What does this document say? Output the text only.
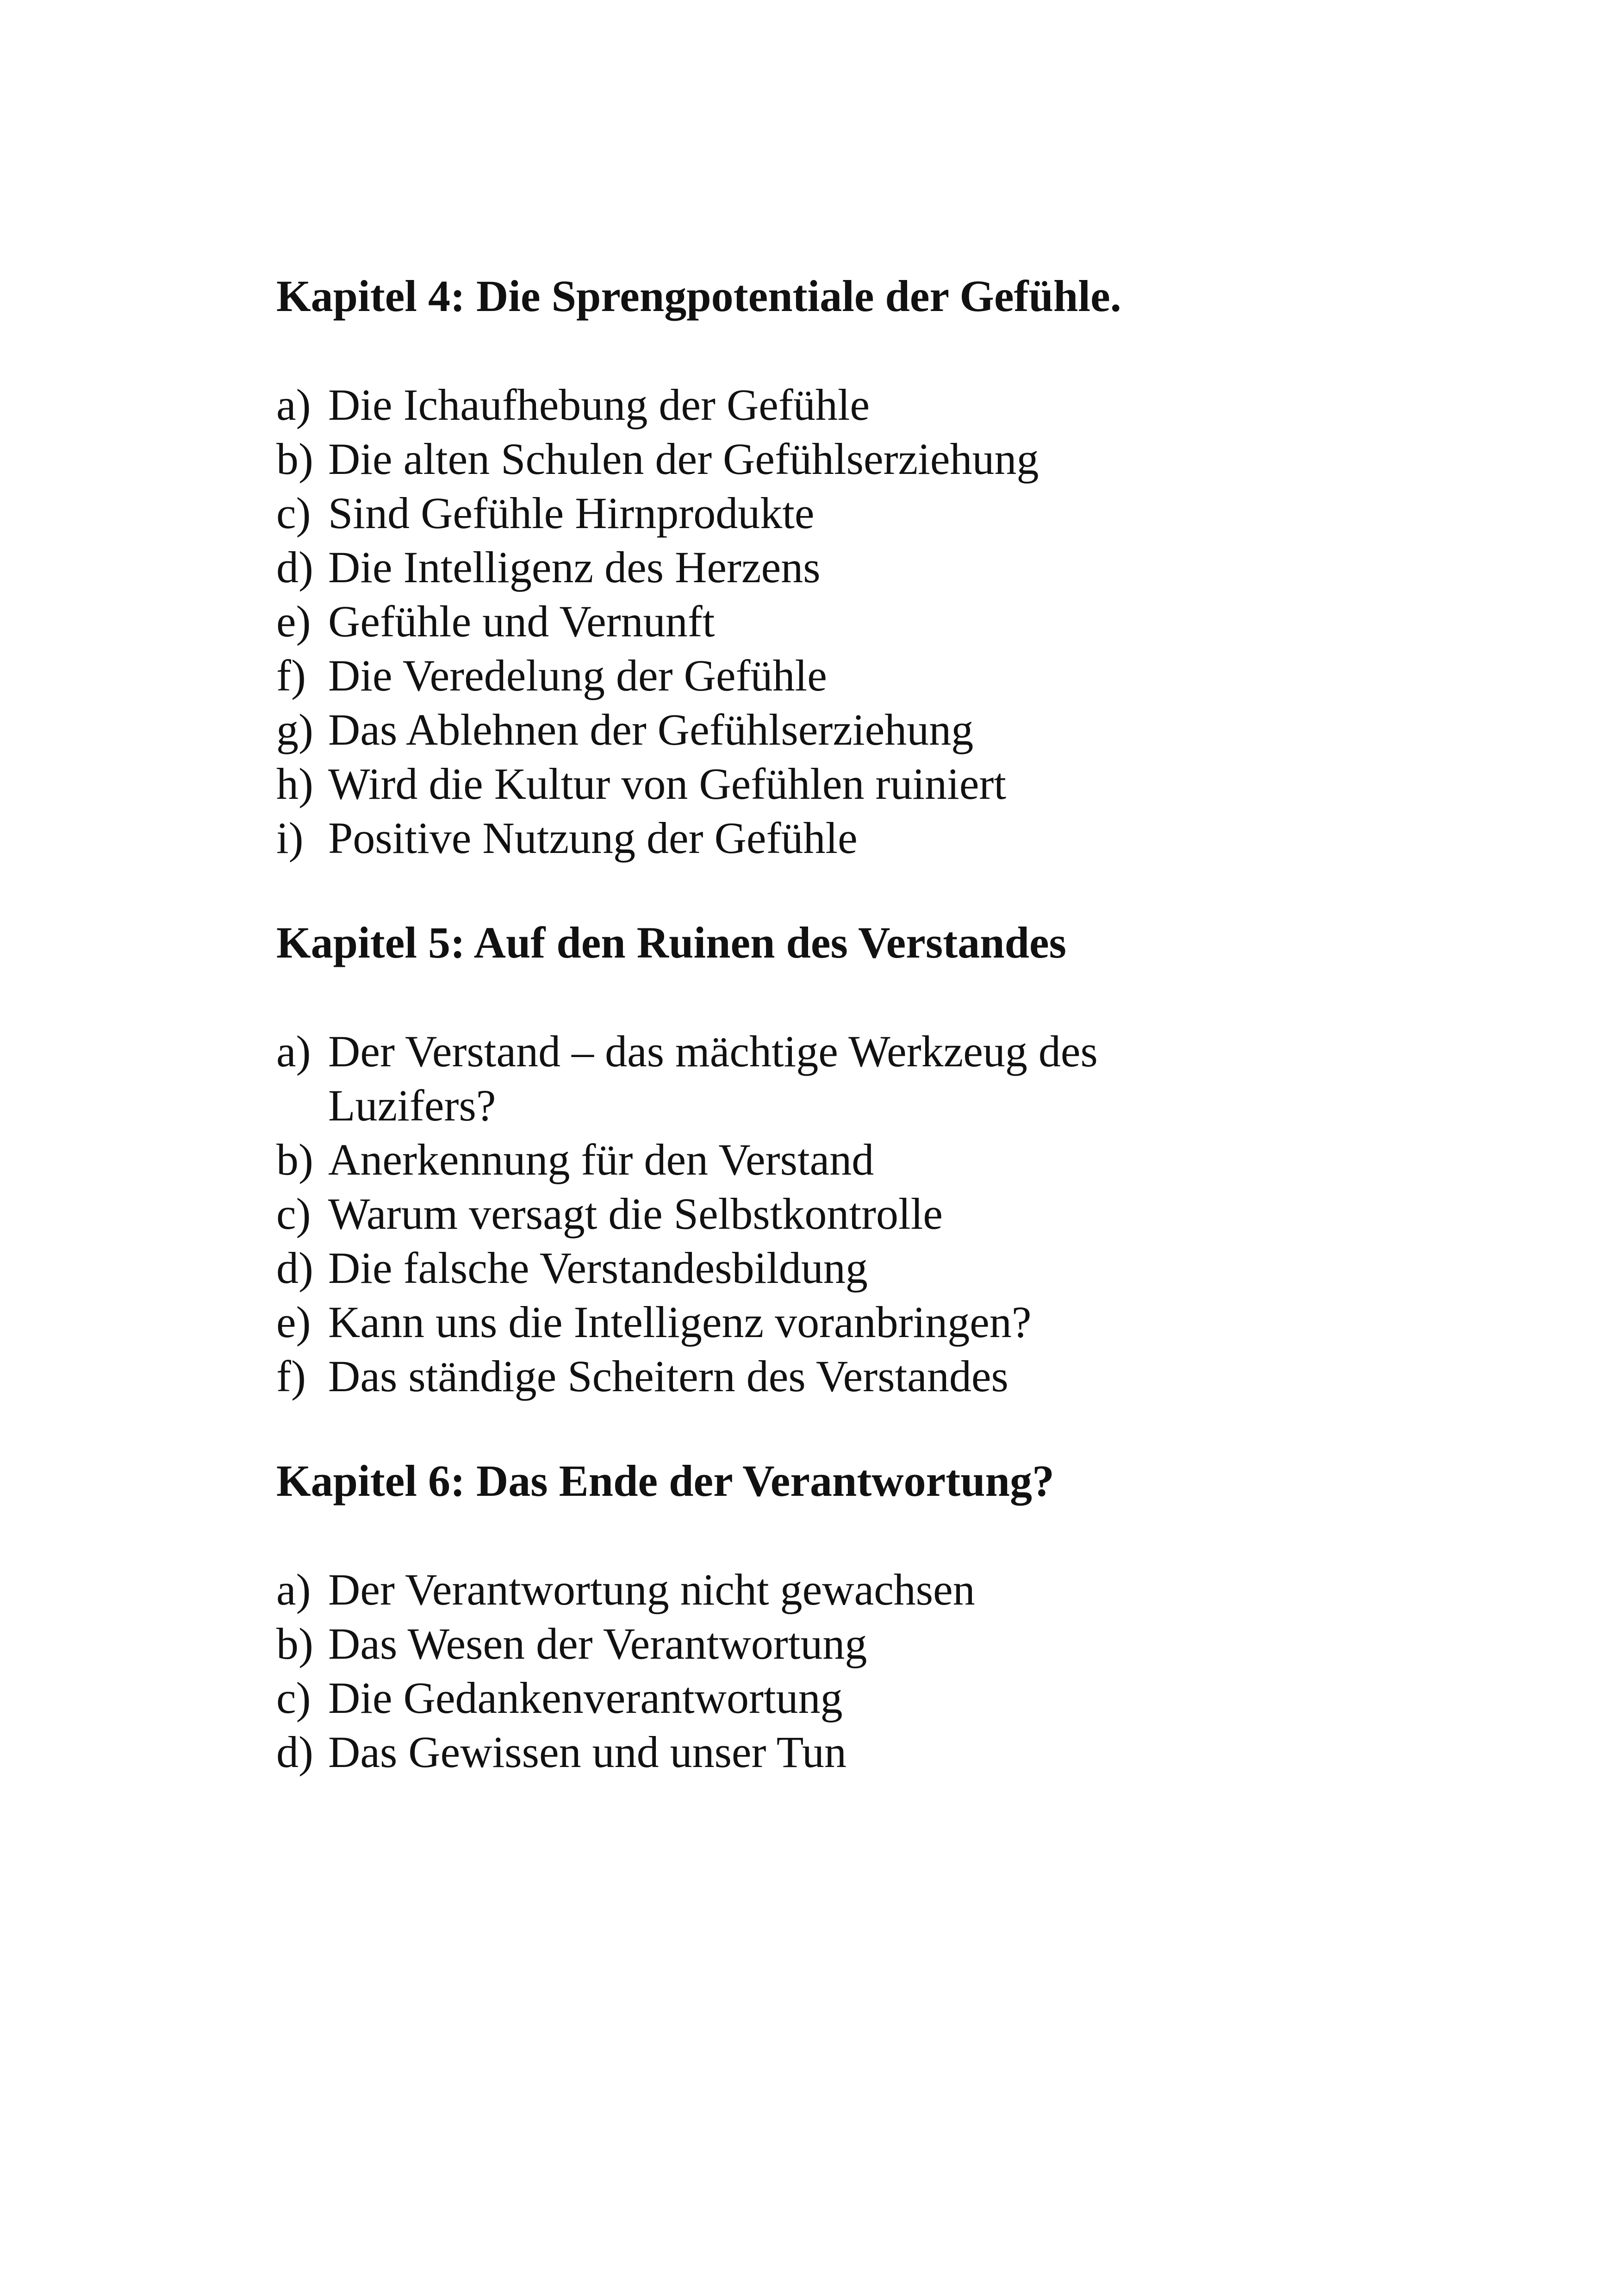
Kapitel 4: Die Sprengpotentiale der Gefühle.
a) Die Ichaufhebung der Gefühle
b) Die alten Schulen der Gefühlserziehung
c) Sind Gefühle Hirnprodukte
d) Die Intelligenz des Herzens
e) Gefühle und Vernunft
f) Die Veredelung der Gefühle
g) Das Ablehnen der Gefühlserziehung
h) Wird die Kultur von Gefühlen ruiniert
i) Positive Nutzung der Gefühle
Kapitel 5: Auf den Ruinen des Verstandes
a) Der Verstand – das mächtige Werkzeug des Luzifers?
b) Anerkennung für den Verstand
c) Warum versagt die Selbstkontrolle
d) Die falsche Verstandesbildung
e) Kann uns die Intelligenz voranbringen?
f) Das ständige Scheitern des Verstandes
Kapitel 6: Das Ende der Verantwortung?
a) Der Verantwortung nicht gewachsen
b) Das Wesen der Verantwortung
c) Die Gedankenverantwortung
d) Das Gewissen und unser Tun
